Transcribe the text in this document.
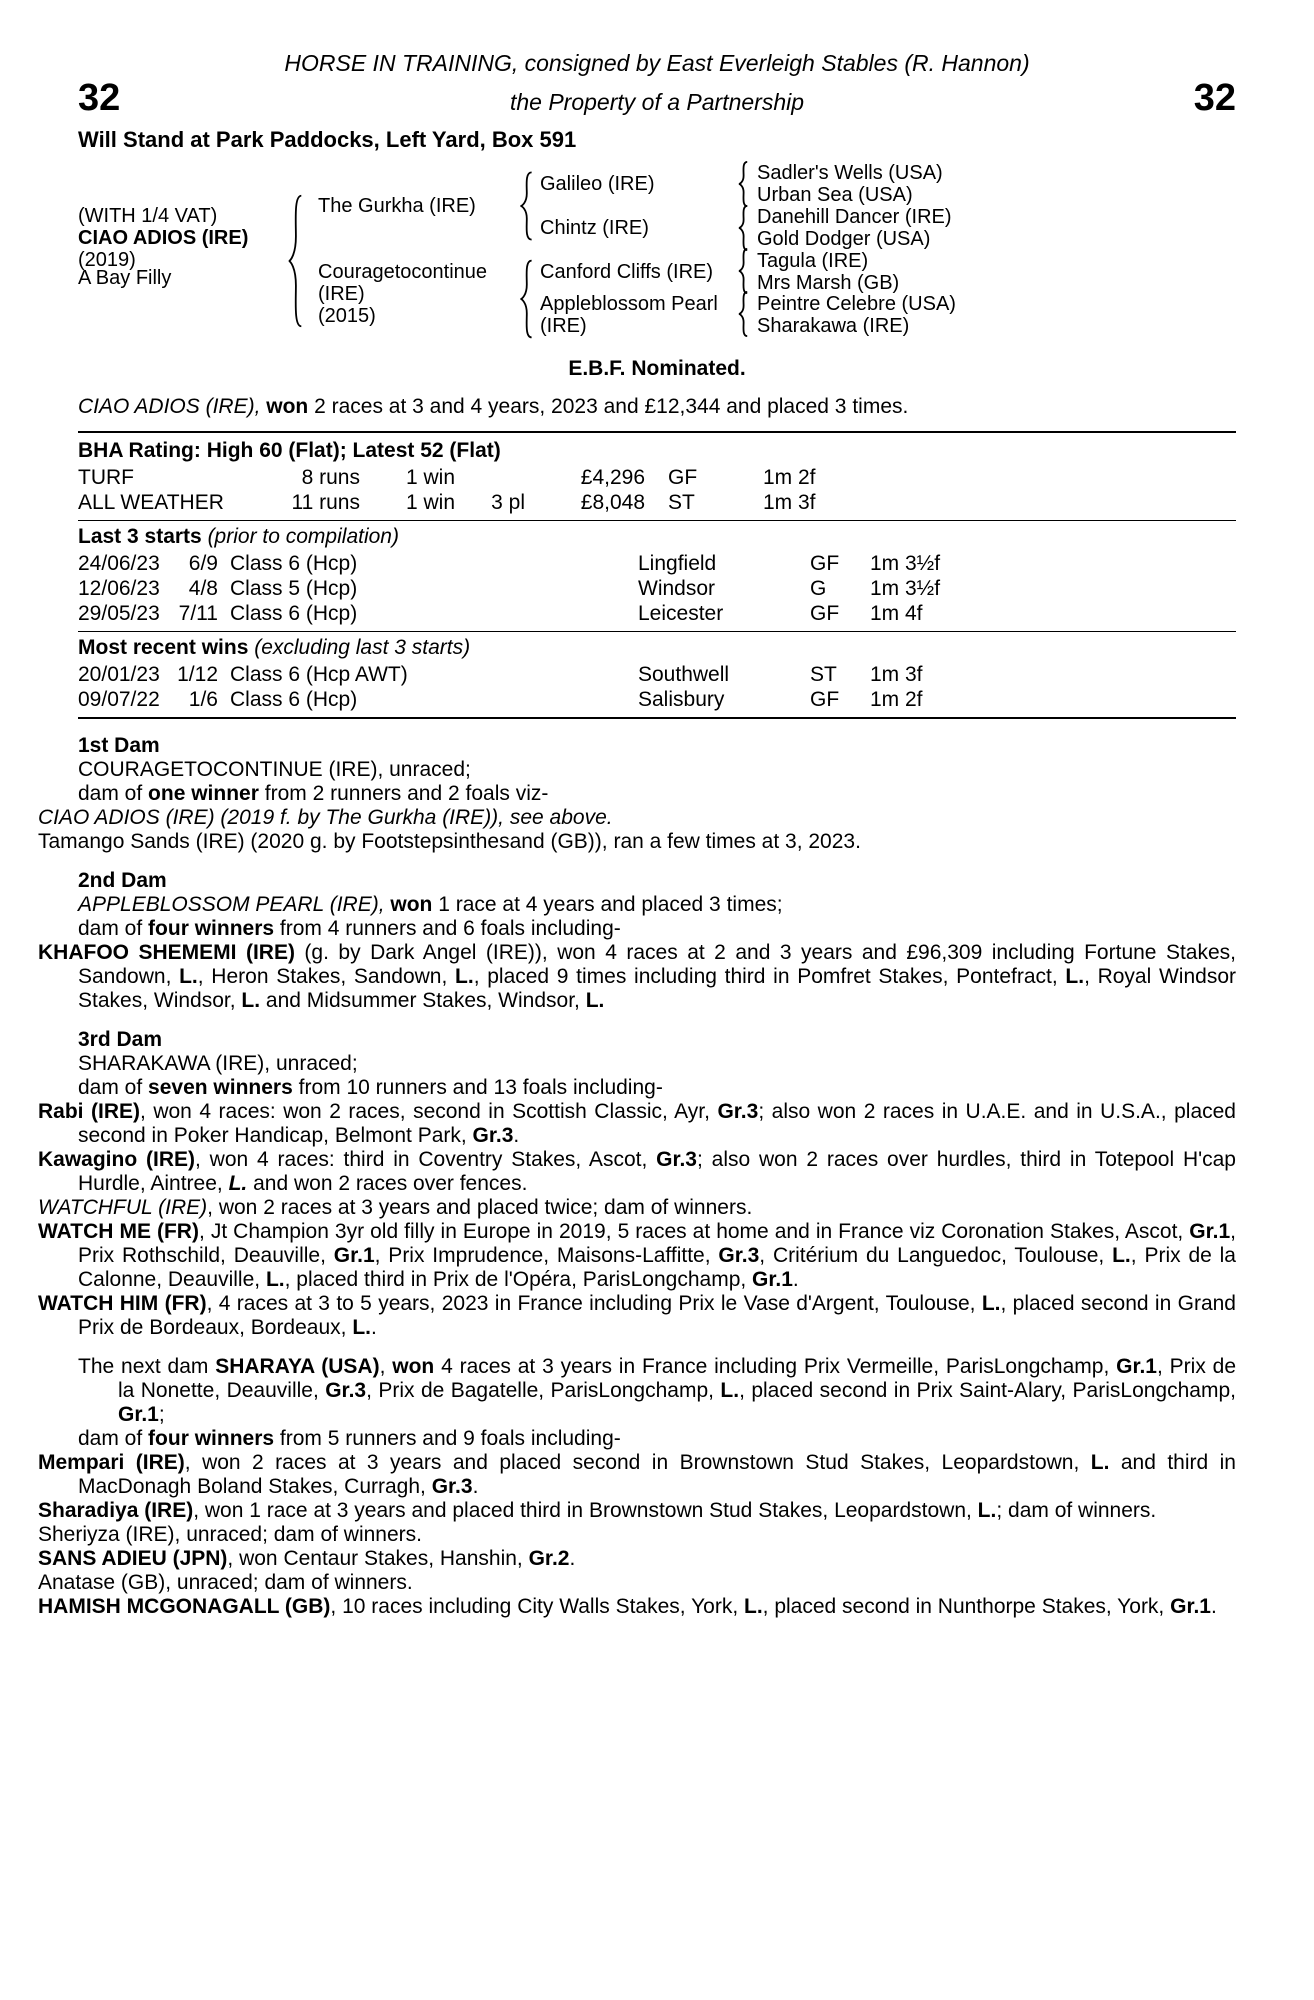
HORSE IN TRAINING, consigned by East Everleigh Stables (R. Hannon)
32	the Property of a Partnership	32
Will Stand at Park Paddocks, Left Yard, Box 591
(WITH 1/4 VAT)
CIAO ADIOS (IRE)
(2019)
A Bay Filly
The Gurkha (IRE)
Couragetocontinue
(IRE)
(2015)
Galileo (IRE)
Chintz (IRE)
Canford Cliffs (IRE)
Appleblossom Pearl
(IRE)
Sadler's Wells (USA)
Urban Sea (USA)
Danehill Dancer (IRE)
Gold Dodger (USA)
Tagula (IRE)
Mrs Marsh (GB)
Peintre Celebre (USA)
Sharakawa (IRE)
E.B.F. Nominated.

CIAO ADIOS (IRE), won 2 races at 3 and 4 years, 2023 and £12,344 and placed 3 times.

BHA Rating: High 60 (Flat); Latest 52 (Flat)
TURF	8 runs	1 win	£4,296	GF	1m 2f
ALL WEATHER	11 runs	1 win	3 pl	£8,048	ST	1m 3f
Last 3 starts (prior to compilation)
24/06/23	6/9 Class 6 (Hcp)	Lingfield	GF	1m 3½f
12/06/23	4/8 Class 5 (Hcp)	Windsor	G	1m 3½f
29/05/23 7/11 Class 6 (Hcp)	Leicester	GF	1m 4f
Most recent wins (excluding last 3 starts)
20/01/23 1/12 Class 6 (Hcp AWT)	Southwell	ST	1m 3f
09/07/22	1/6 Class 6 (Hcp)	Salisbury	GF	1m 2f
1st Dam

COURAGETOCONTINUE (IRE), unraced;

dam of one winner from 2 runners and 2 foals viz-

CIAO ADIOS (IRE) (2019 f. by The Gurkha (IRE)), see above.

Tamango Sands (IRE) (2020 g. by Footstepsinthesand (GB)), ran a few times at 3, 2023.

2nd Dam

APPLEBLOSSOM PEARL (IRE), won 1 race at 4 years and placed 3 times;

dam of four winners from 4 runners and 6 foals including-

KHAFOO SHEMEMI (IRE) (g. by Dark Angel (IRE)), won 4 races at 2 and 3 years and £96,309 including Fortune Stakes, Sandown, L., Heron Stakes, Sandown, L., placed 9 times including third in Pomfret Stakes, Pontefract, L., Royal Windsor Stakes, Windsor, L. and Midsummer Stakes, Windsor, L.

3rd Dam

SHARAKAWA (IRE), unraced;

dam of seven winners from 10 runners and 13 foals including-

Rabi (IRE), won 4 races: won 2 races, second in Scottish Classic, Ayr, Gr.3; also won 2 races in U.A.E. and in U.S.A., placed second in Poker Handicap, Belmont Park, Gr.3.

Kawagino (IRE), won 4 races: third in Coventry Stakes, Ascot, Gr.3; also won 2 races over hurdles, third in Totepool H'cap Hurdle, Aintree, L. and won 2 races over fences.

WATCHFUL (IRE), won 2 races at 3 years and placed twice; dam of winners.

WATCH ME (FR), Jt Champion 3yr old filly in Europe in 2019, 5 races at home and in France viz Coronation Stakes, Ascot, Gr.1, Prix Rothschild, Deauville, Gr.1, Prix Imprudence, Maisons-Laffitte, Gr.3, Critérium du Languedoc, Toulouse, L., Prix de la Calonne, Deauville, L., placed third in Prix de l'Opéra, ParisLongchamp, Gr.1.

WATCH HIM (FR), 4 races at 3 to 5 years, 2023 in France including Prix le Vase d'Argent, Toulouse, L., placed second in Grand Prix de Bordeaux, Bordeaux, L..

The next dam SHARAYA (USA), won 4 races at 3 years in France including Prix Vermeille, ParisLongchamp, Gr.1, Prix de la Nonette, Deauville, Gr.3, Prix de Bagatelle, ParisLongchamp, L., placed second in Prix Saint-Alary, ParisLongchamp, Gr.1;

dam of four winners from 5 runners and 9 foals including-

Mempari (IRE), won 2 races at 3 years and placed second in Brownstown Stud Stakes, Leopardstown, L. and third in MacDonagh Boland Stakes, Curragh, Gr.3.

Sharadiya (IRE), won 1 race at 3 years and placed third in Brownstown Stud Stakes, Leopardstown, L.; dam of winners.

Sheriyza (IRE), unraced; dam of winners.

SANS ADIEU (JPN), won Centaur Stakes, Hanshin, Gr.2.

Anatase (GB), unraced; dam of winners.

HAMISH MCGONAGALL (GB), 10 races including City Walls Stakes, York, L., placed second in Nunthorpe Stakes, York, Gr.1.
